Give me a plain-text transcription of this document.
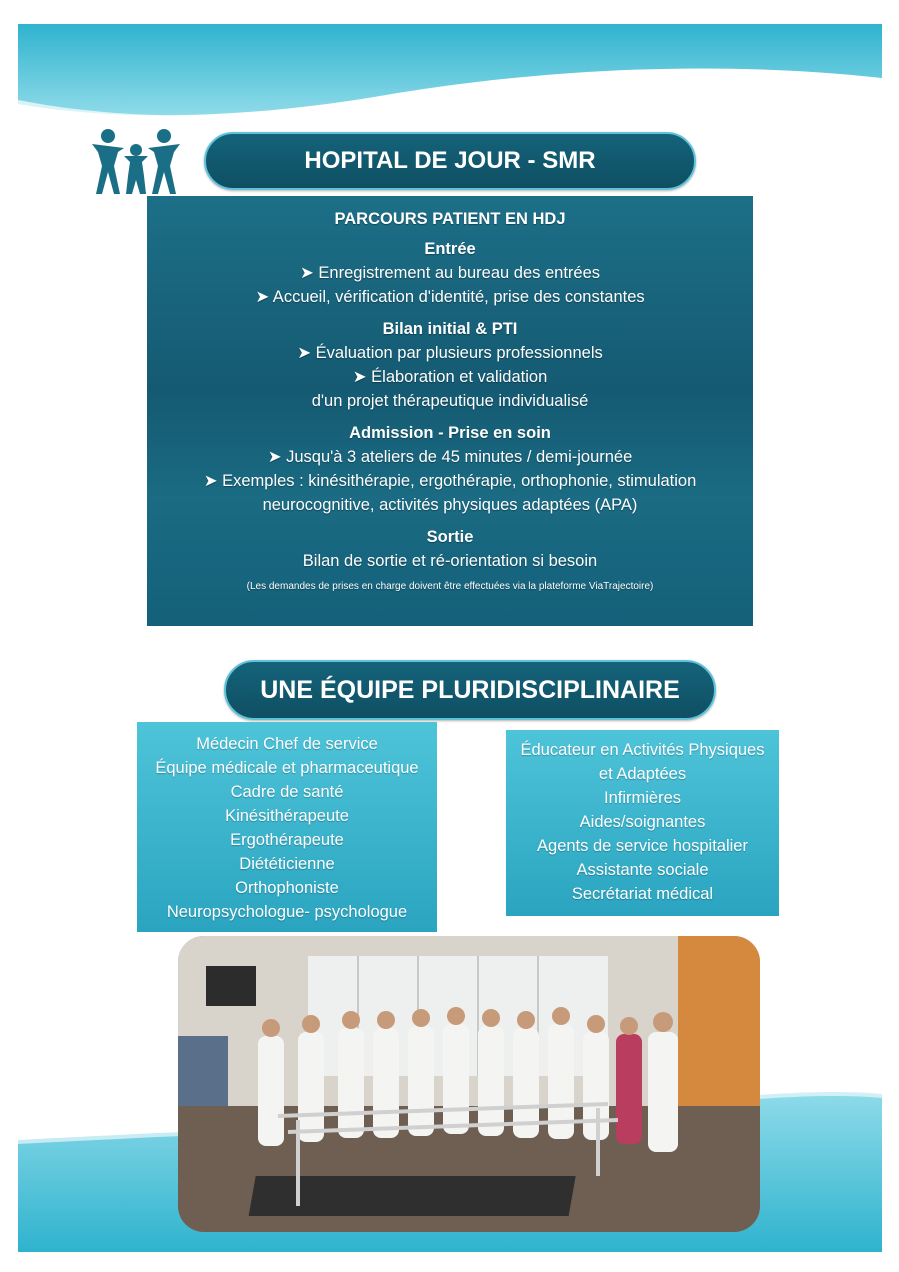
HOPITAL DE JOUR - SMR
PARCOURS PATIENT EN HDJ
Entrée
➤ Enregistrement au bureau des entrées
➤ Accueil, vérification d'identité, prise des constantes
Bilan initial & PTI
➤ Évaluation par plusieurs professionnels
➤ Élaboration et validation
d'un projet thérapeutique individualisé
Admission - Prise en soin
➤ Jusqu'à 3 ateliers de 45 minutes / demi-journée
➤ Exemples : kinésithérapie, ergothérapie, orthophonie, stimulation
neurocognitive, activités physiques adaptées (APA)
Sortie
Bilan de sortie et ré-orientation si besoin
(Les demandes de prises en charge doivent être effectuées via la plateforme ViaTrajectoire)
UNE ÉQUIPE PLURIDISCIPLINAIRE
Médecin Chef de service
Équipe médicale et pharmaceutique
Cadre de santé
Kinésithérapeute
Ergothérapeute
Diététicienne
Orthophoniste
Neuropsychologue- psychologue
Éducateur en Activités Physiques
et Adaptées
Infirmières
Aides/soignantes
Agents de service hospitalier
Assistante sociale
Secrétariat médical
